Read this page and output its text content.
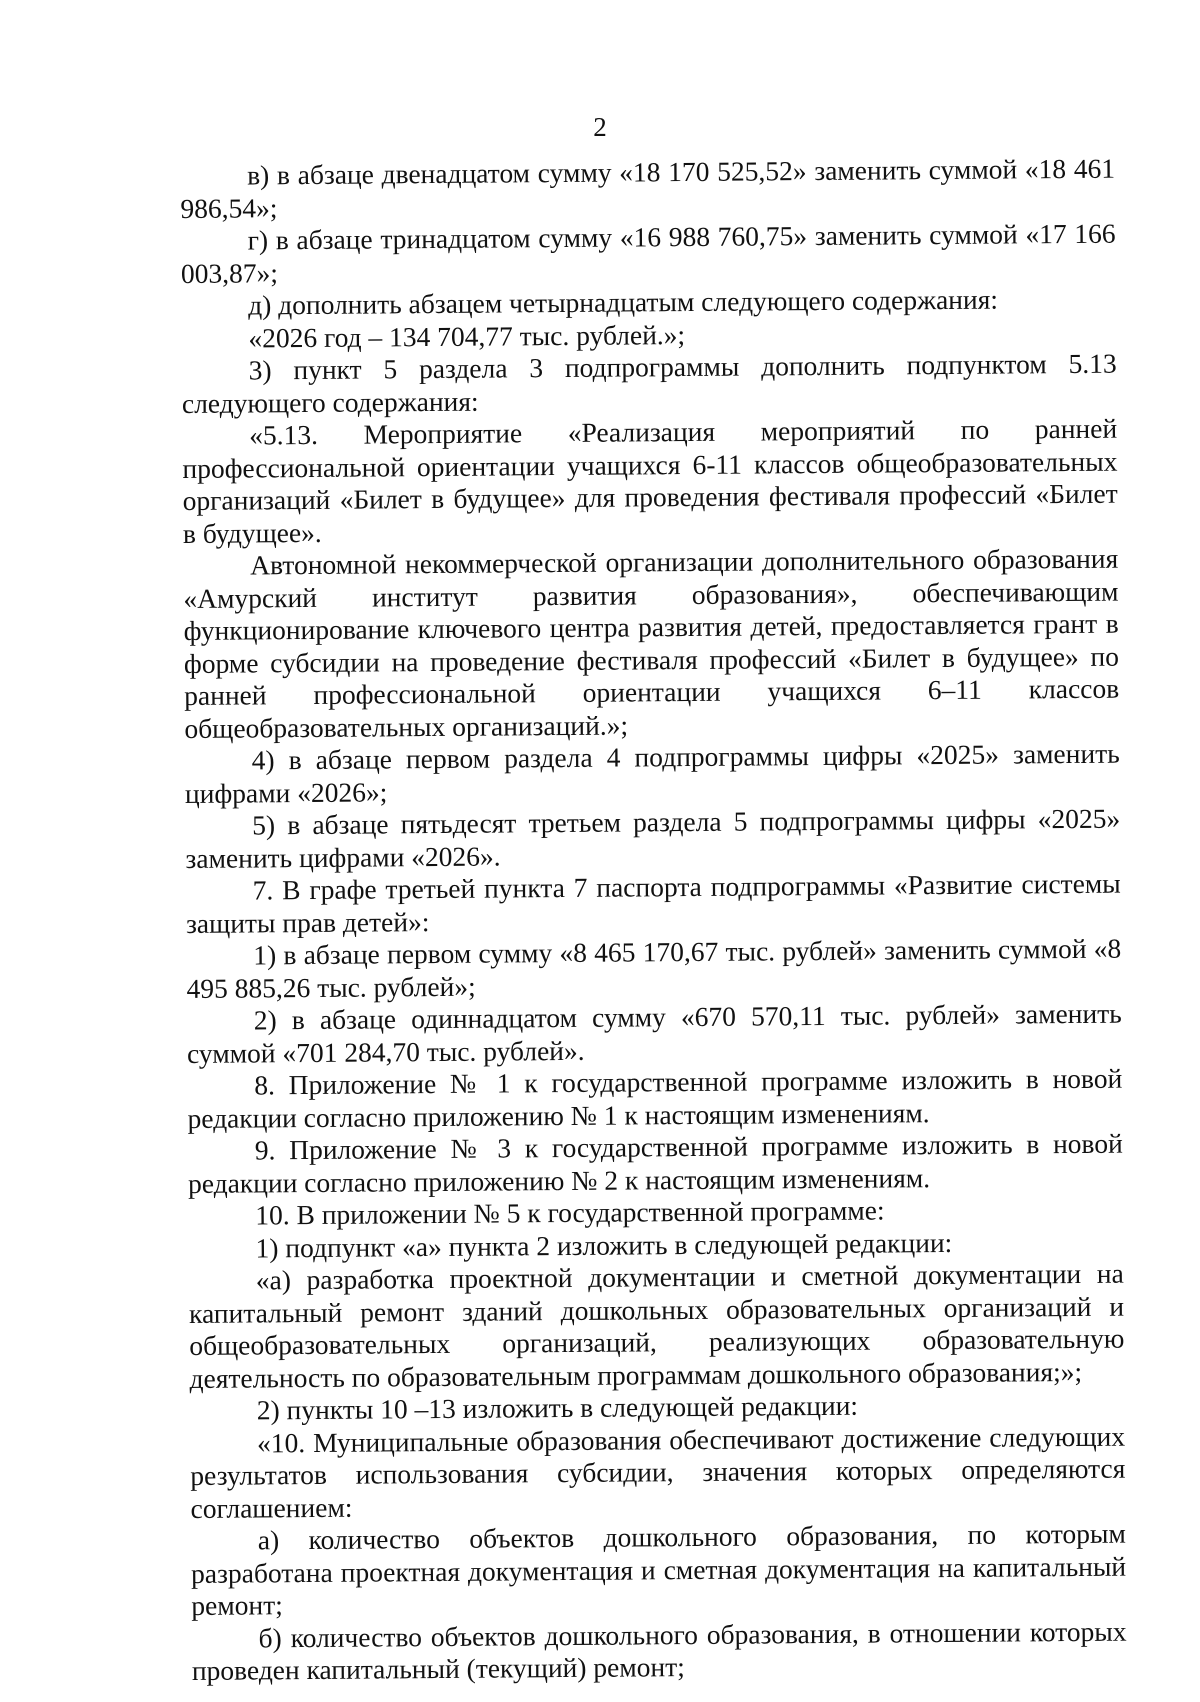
2

в) в абзаце двенадцатом сумму «18 170 525,52» заменить суммой «18 461 986,54»;

г) в абзаце тринадцатом сумму «16 988 760,75» заменить суммой «17 166 003,87»;

д) дополнить абзацем четырнадцатым следующего содержания:

«2026 год – 134 704,77 тыс. рублей.»;

3) пункт 5 раздела 3 подпрограммы дополнить подпунктом 5.13 следующего содержания:

«5.13. Мероприятие «Реализация мероприятий по ранней профессиональной ориентации учащихся 6-11 классов общеобразовательных организаций «Билет в будущее» для проведения фестиваля профессий «Билет в будущее».

Автономной некоммерческой организации дополнительного образования «Амурский институт развития образования», обеспечивающим функционирование ключевого центра развития детей, предоставляется грант в форме субсидии на проведение фестиваля профессий «Билет в будущее» по ранней профессиональной ориентации учащихся 6–11 классов общеобразовательных организаций.»;

4) в абзаце первом раздела 4 подпрограммы цифры «2025» заменить цифрами «2026»;

5) в абзаце пятьдесят третьем раздела 5 подпрограммы цифры «2025» заменить цифрами «2026».

7. В графе третьей пункта 7 паспорта подпрограммы «Развитие системы защиты прав детей»:

1) в абзаце первом сумму «8 465 170,67 тыс. рублей» заменить суммой «8 495 885,26 тыс. рублей»;

2) в абзаце одиннадцатом сумму «670 570,11 тыс. рублей» заменить суммой «701 284,70 тыс. рублей».

8. Приложение № 1 к государственной программе изложить в новой редакции согласно приложению № 1 к настоящим изменениям.

9. Приложение № 3 к государственной программе изложить в новой редакции согласно приложению № 2 к настоящим изменениям.

10. В приложении № 5 к государственной программе:

1) подпункт «а» пункта 2 изложить в следующей редакции:

«а) разработка проектной документации и сметной документации на капитальный ремонт зданий дошкольных образовательных организаций и общеобразовательных организаций, реализующих образовательную деятельность по образовательным программам дошкольного образования;»;

2) пункты 10 –13 изложить в следующей редакции:

«10. Муниципальные образования обеспечивают достижение следующих результатов использования субсидии, значения которых определяются соглашением:

а) количество объектов дошкольного образования, по которым разработана проектная документация и сметная документация на капитальный ремонт;

б) количество объектов дошкольного образования, в отношении которых проведен капитальный (текущий) ремонт;
